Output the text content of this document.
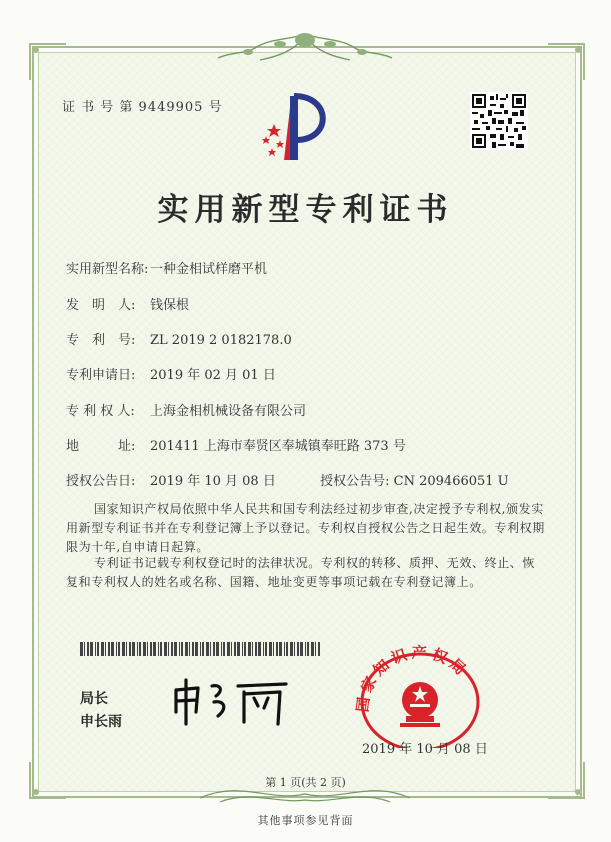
证 书 号 第 9449905 号
实用新型专利证书
实用新型名称: 一种金相试样磨平机
发　明　人: 钱保根
专　利　号: ZL 2019 2 0182178.0
专利申请日: 2019 年 02 月 01 日
专 利 权 人: 上海金相机械设备有限公司
地　　　址: 201411 上海市奉贤区奉城镇奉旺路 373 号
授权公告日: 2019 年 10 月 08 日	授权公告号: CN 209466051 U
国家知识产权局依照中华人民共和国专利法经过初步审查,决定授予专利权,颁发实用新型专利证书并在专利登记簿上予以登记。专利权自授权公告之日起生效。专利权期限为十年,自申请日起算。
专利证书记载专利权登记时的法律状况。专利权的转移、质押、无效、终止、恢复和专利权人的姓名或名称、国籍、地址变更等事项记载在专利登记簿上。
局长
申长雨
国家知识产权局
2019 年 10 月 08 日
第 1 页(共 2 页)
其他事项参见背面
